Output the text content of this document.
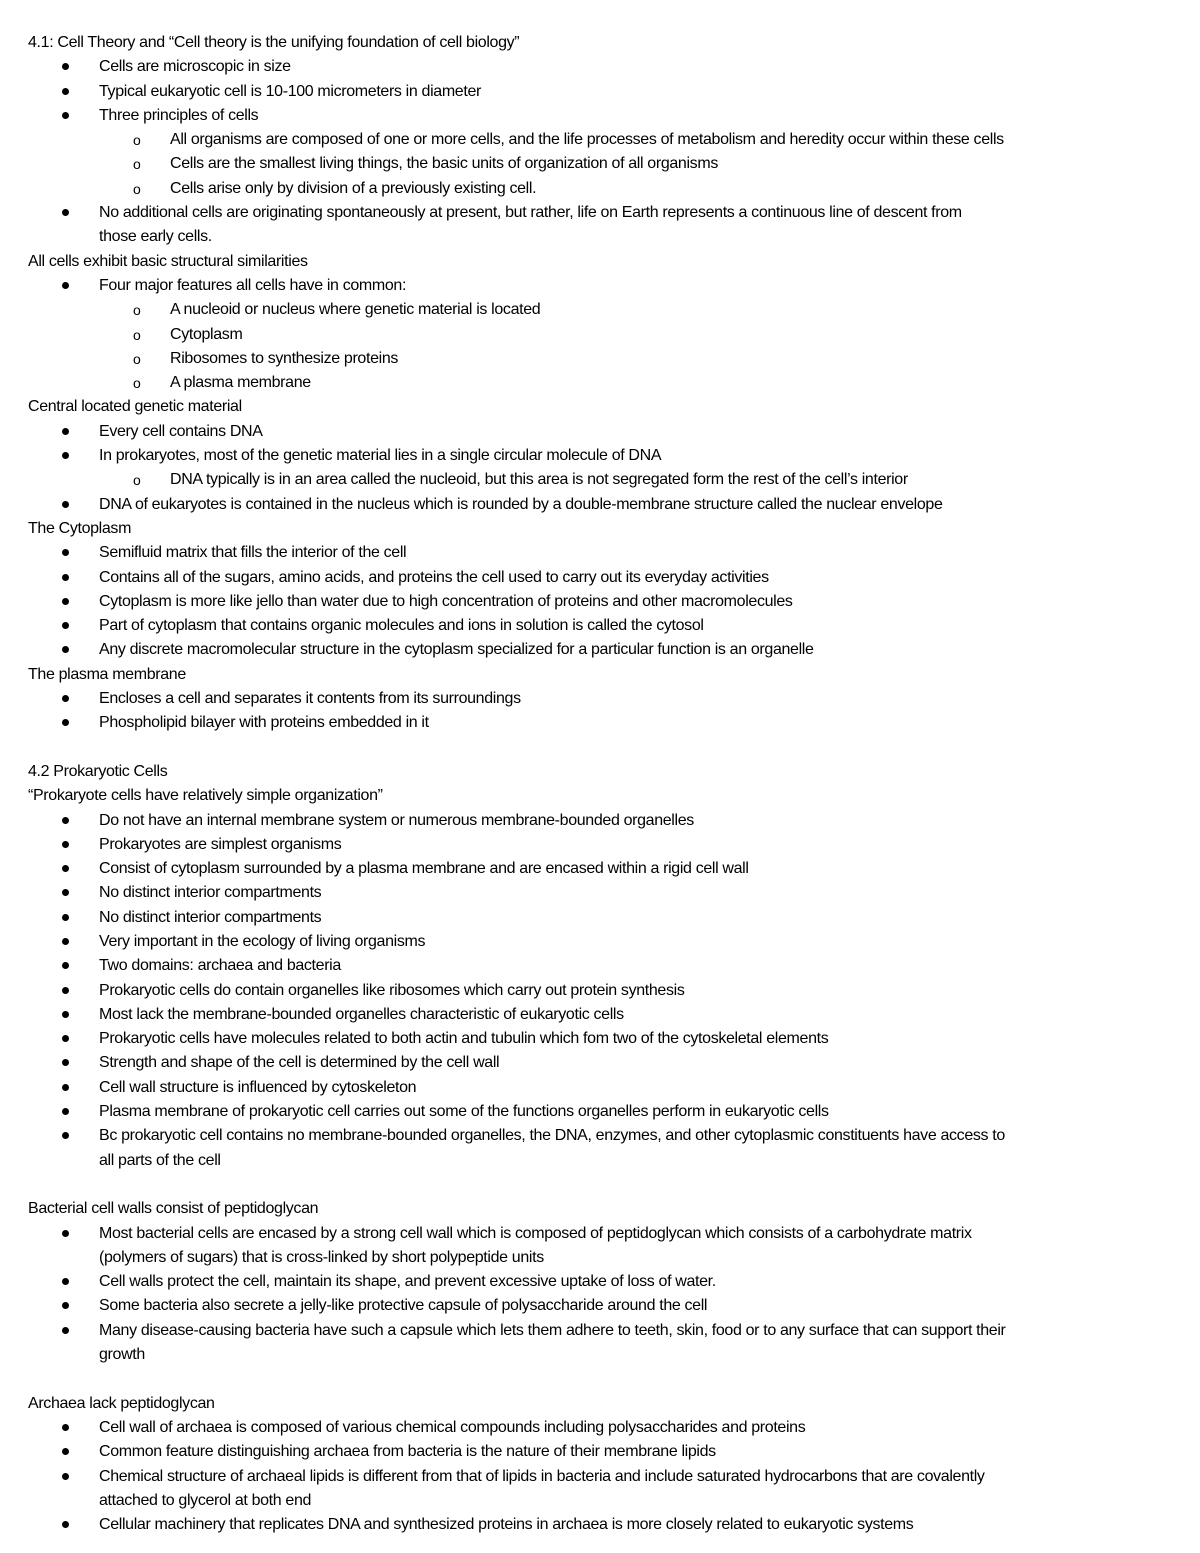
4.1: Cell Theory and “Cell theory is the unifying foundation of cell biology”
Cells are microscopic in size
Typical eukaryotic cell is 10-100 micrometers in diameter
Three principles of cells
o All organisms are composed of one or more cells, and the life processes of metabolism and heredity occur within these cells
o Cells are the smallest living things, the basic units of organization of all organisms
o Cells arise only by division of a previously existing cell.
No additional cells are originating spontaneously at present, but rather, life on Earth represents a continuous line of descent from
those early cells.
All cells exhibit basic structural similarities
Four major features all cells have in common:
o A nucleoid or nucleus where genetic material is located
o Cytoplasm
o Ribosomes to synthesize proteins
o A plasma membrane
Central located genetic material
Every cell contains DNA
In prokaryotes, most of the genetic material lies in a single circular molecule of DNA
o DNA typically is in an area called the nucleoid, but this area is not segregated form the rest of the cell’s interior
DNA of eukaryotes is contained in the nucleus which is rounded by a double-membrane structure called the nuclear envelope
The Cytoplasm
Semifluid matrix that fills the interior of the cell
Contains all of the sugars, amino acids, and proteins the cell used to carry out its everyday activities
Cytoplasm is more like jello than water due to high concentration of proteins and other macromolecules
Part of cytoplasm that contains organic molecules and ions in solution is called the cytosol
Any discrete macromolecular structure in the cytoplasm specialized for a particular function is an organelle
The plasma membrane
Encloses a cell and separates it contents from its surroundings
Phospholipid bilayer with proteins embedded in it
4.2 Prokaryotic Cells
“Prokaryote cells have relatively simple organization”
Do not have an internal membrane system or numerous membrane-bounded organelles
Prokaryotes are simplest organisms
Consist of cytoplasm surrounded by a plasma membrane and are encased within a rigid cell wall
No distinct interior compartments
No distinct interior compartments
Very important in the ecology of living organisms
Two domains: archaea and bacteria
Prokaryotic cells do contain organelles like ribosomes which carry out protein synthesis
Most lack the membrane-bounded organelles characteristic of eukaryotic cells
Prokaryotic cells have molecules related to both actin and tubulin which fom two of the cytoskeletal elements
Strength and shape of the cell is determined by the cell wall
Cell wall structure is influenced by cytoskeleton
Plasma membrane of prokaryotic cell carries out some of the functions organelles perform in eukaryotic cells
Bc prokaryotic cell contains no membrane-bounded organelles, the DNA, enzymes, and other cytoplasmic constituents have access to
all parts of the cell
Bacterial cell walls consist of peptidoglycan
Most bacterial cells are encased by a strong cell wall which is composed of peptidoglycan which consists of a carbohydrate matrix
(polymers of sugars) that is cross-linked by short polypeptide units
Cell walls protect the cell, maintain its shape, and prevent excessive uptake of loss of water.
Some bacteria also secrete a jelly-like protective capsule of polysaccharide around the cell
Many disease-causing bacteria have such a capsule which lets them adhere to teeth, skin, food or to any surface that can support their
growth
Archaea lack peptidoglycan
Cell wall of archaea is composed of various chemical compounds including polysaccharides and proteins
Common feature distinguishing archaea from bacteria is the nature of their membrane lipids
Chemical structure of archaeal lipids is different from that of lipids in bacteria and include saturated hydrocarbons that are covalently
attached to glycerol at both end
Cellular machinery that replicates DNA and synthesized proteins in archaea is more closely related to eukaryotic systems
